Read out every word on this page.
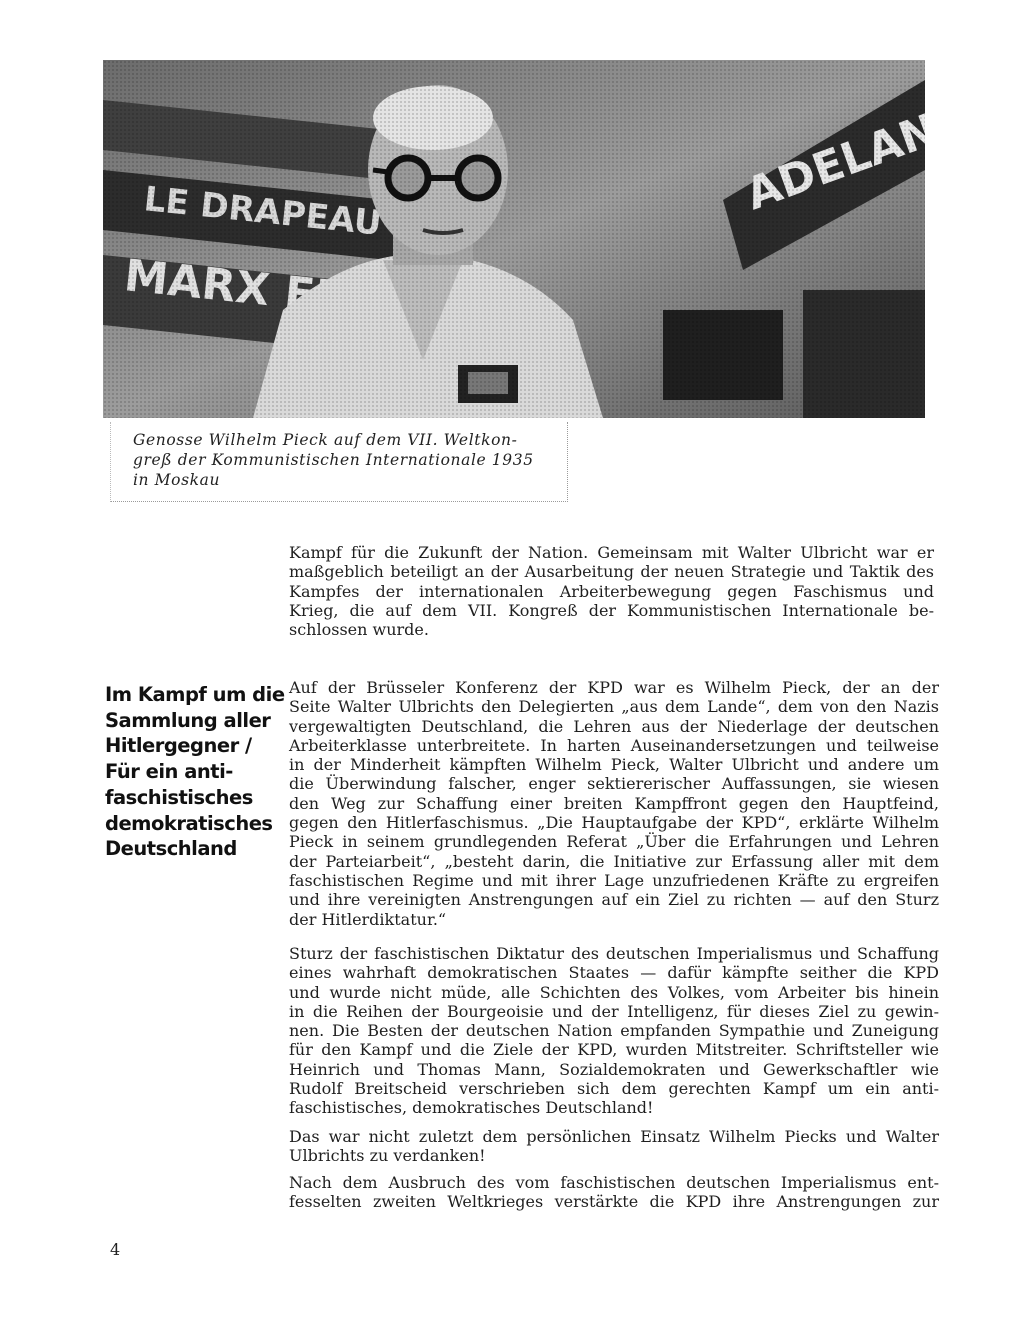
Genosse Wilhelm Pieck auf dem VII. Weltkon-
greß der Kommunistischen Internationale 1935
in Moskau

Kampf für die Zukunft der Nation. Gemeinsam mit Walter Ulbricht war er
maßgeblich beteiligt an der Ausarbeitung der neuen Strategie und Taktik des
Kampfes der internationalen Arbeiterbewegung gegen Faschismus und
Krieg, die auf dem VII. Kongreß der Kommunistischen Internationale be-
schlossen wurde.

Im Kampf um die
Sammlung aller
Hitlergegner /
Für ein anti-
faschistisches
demokratisches
Deutschland

Auf der Brüsseler Konferenz der KPD war es Wilhelm Pieck, der an der
Seite Walter Ulbrichts den Delegierten „aus dem Lande“, dem von den Nazis
vergewaltigten Deutschland, die Lehren aus der Niederlage der deutschen
Arbeiterklasse unterbreitete. In harten Auseinandersetzungen und teilweise
in der Minderheit kämpften Wilhelm Pieck, Walter Ulbricht und andere um
die Überwindung falscher, enger sektiererischer Auffassungen, sie wiesen
den Weg zur Schaffung einer breiten Kampffront gegen den Hauptfeind,
gegen den Hitlerfaschismus. „Die Hauptaufgabe der KPD“, erklärte Wilhelm
Pieck in seinem grundlegenden Referat „Über die Erfahrungen und Lehren
der Parteiarbeit“, „besteht darin, die Initiative zur Erfassung aller mit dem
faschistischen Regime und mit ihrer Lage unzufriedenen Kräfte zu ergreifen
und ihre vereinigten Anstrengungen auf ein Ziel zu richten — auf den Sturz
der Hitlerdiktatur.“

Sturz der faschistischen Diktatur des deutschen Imperialismus und Schaffung
eines wahrhaft demokratischen Staates — dafür kämpfte seither die KPD
und wurde nicht müde, alle Schichten des Volkes, vom Arbeiter bis hinein
in die Reihen der Bourgeoisie und der Intelligenz, für dieses Ziel zu gewin-
nen. Die Besten der deutschen Nation empfanden Sympathie und Zuneigung
für den Kampf und die Ziele der KPD, wurden Mitstreiter. Schriftsteller wie
Heinrich und Thomas Mann, Sozialdemokraten und Gewerkschaftler wie
Rudolf Breitscheid verschrieben sich dem gerechten Kampf um ein anti-
faschistisches, demokratisches Deutschland!

Das war nicht zuletzt dem persönlichen Einsatz Wilhelm Piecks und Walter
Ulbrichts zu verdanken!

Nach dem Ausbruch des vom faschistischen deutschen Imperialismus ent-
fesselten zweiten Weltkrieges verstärkte die KPD ihre Anstrengungen zur

4
